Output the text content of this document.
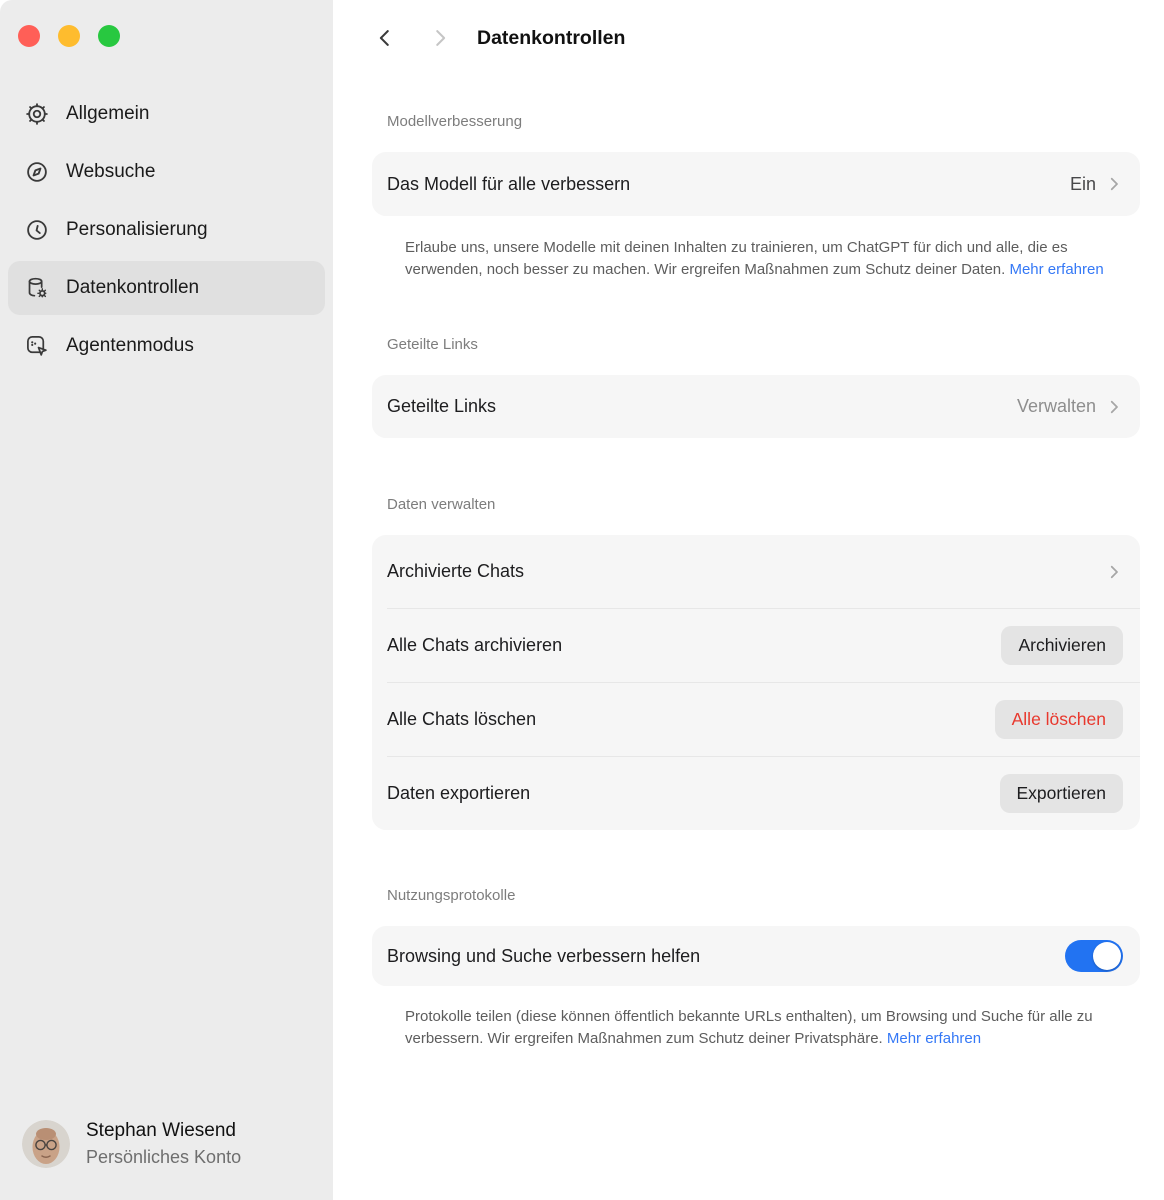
Allgemein
Websuche
Personalisierung
Datenkontrollen
Agentenmodus
Stephan Wiesend
Persönliches Konto
Datenkontrollen
Modellverbesserung
Das Modell für alle verbessern	Ein
Erlaube uns, unsere Modelle mit deinen Inhalten zu trainieren, um ChatGPT für dich und alle, die es verwenden, noch besser zu machen. Wir ergreifen Maßnahmen zum Schutz deiner Daten. Mehr erfahren
Geteilte Links
Geteilte Links	Verwalten
Daten verwalten
Archivierte Chats
Alle Chats archivieren	Archivieren
Alle Chats löschen	Alle löschen
Daten exportieren	Exportieren
Nutzungsprotokolle
Browsing und Suche verbessern helfen
Protokolle teilen (diese können öffentlich bekannte URLs enthalten), um Browsing und Suche für alle zu verbessern. Wir ergreifen Maßnahmen zum Schutz deiner Privatsphäre. Mehr erfahren
